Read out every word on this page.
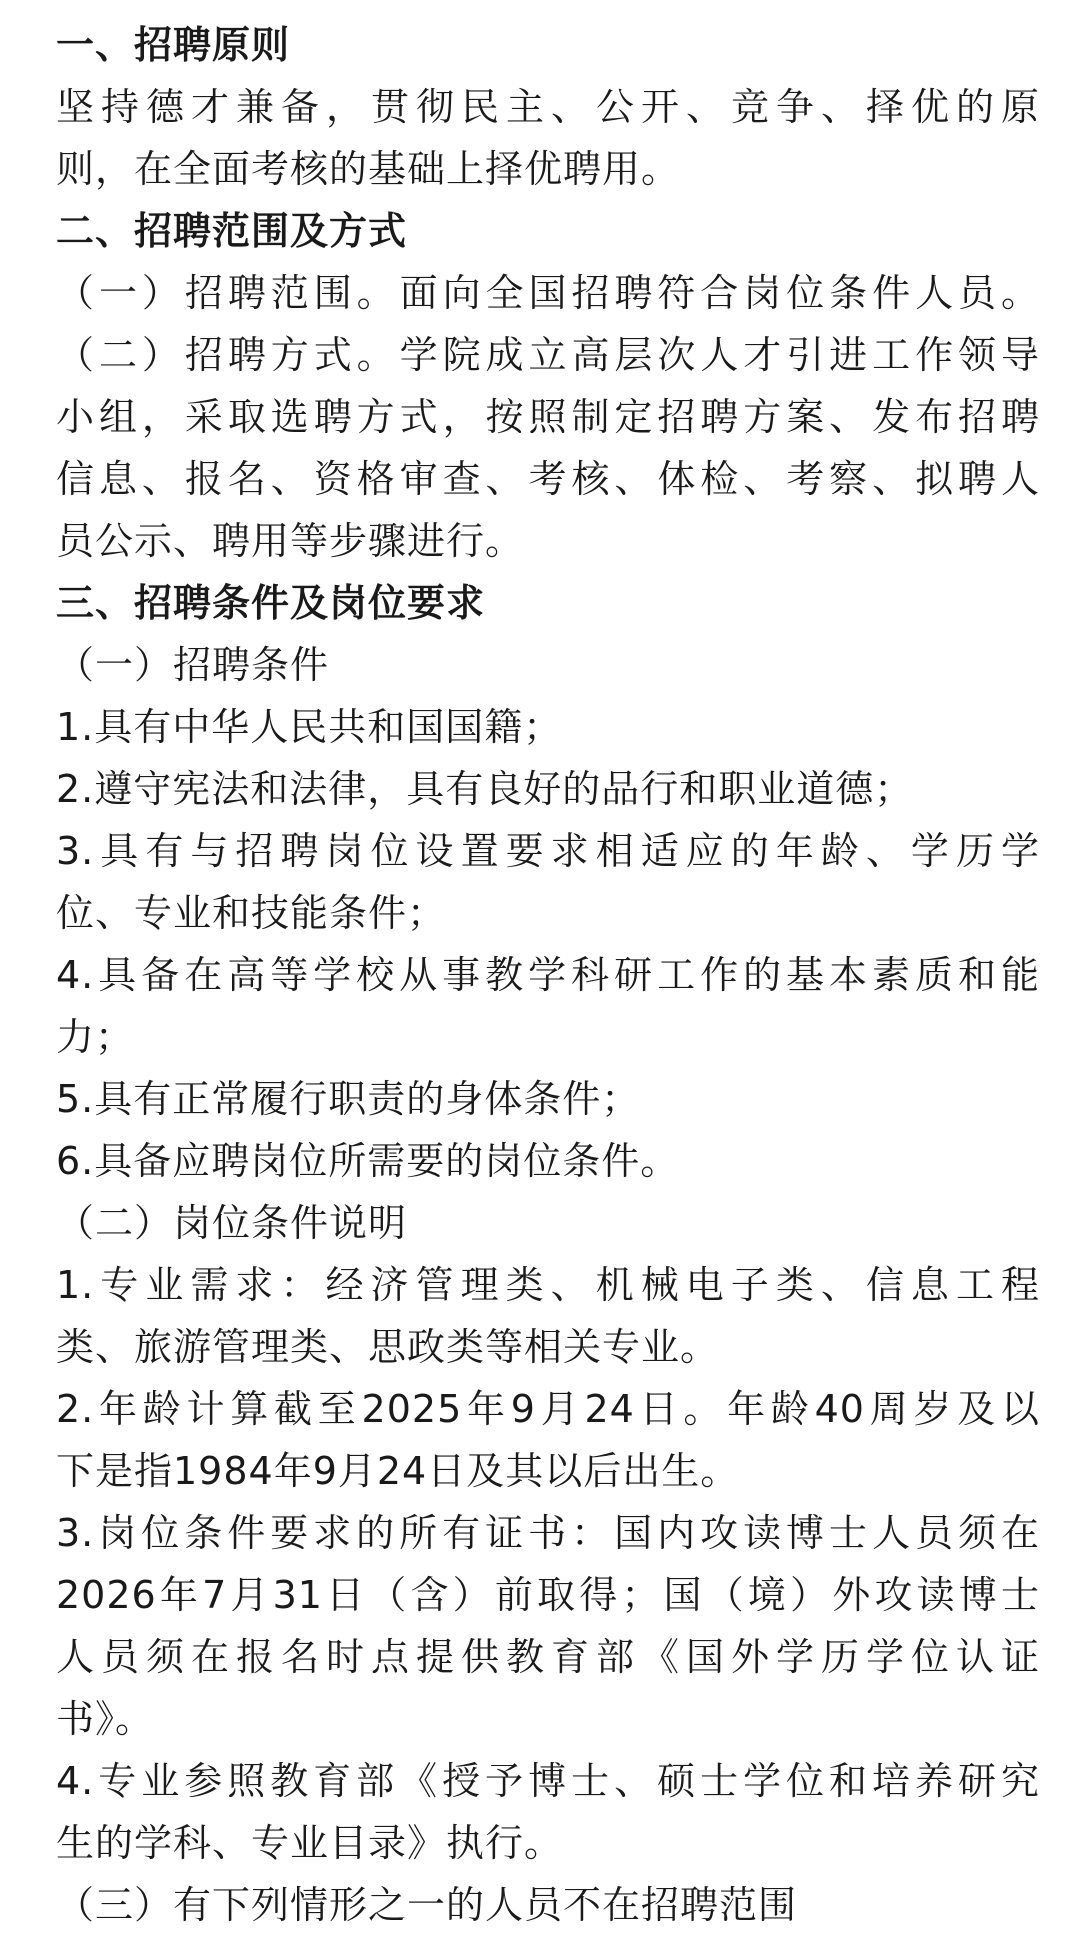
一、招聘原则
坚持德才兼备，贯彻民主、公开、竞争、择优的原
则，在全面考核的基础上择优聘用。
二、招聘范围及方式
（一）招聘范围。面向全国招聘符合岗位条件人员。
（二）招聘方式。学院成立高层次人才引进工作领导
小组，采取选聘方式，按照制定招聘方案、发布招聘
信息、报名、资格审查、考核、体检、考察、拟聘人
员公示、聘用等步骤进行。
三、招聘条件及岗位要求
（一）招聘条件
1.具有中华人民共和国国籍；
2.遵守宪法和法律，具有良好的品行和职业道德；
3.具有与招聘岗位设置要求相适应的年龄、学历学
位、专业和技能条件；
4.具备在高等学校从事教学科研工作的基本素质和能
力；
5.具有正常履行职责的身体条件；
6.具备应聘岗位所需要的岗位条件。
（二）岗位条件说明
1.专业需求：经济管理类、机械电子类、信息工程
类、旅游管理类、思政类等相关专业。
2.年龄计算截至2025年9月24日。年龄40周岁及以
下是指1984年9月24日及其以后出生。
3.岗位条件要求的所有证书：国内攻读博士人员须在
2026年7月31日（含）前取得；国（境）外攻读博士
人员须在报名时点提供教育部《国外学历学位认证
书》。
4.专业参照教育部《授予博士、硕士学位和培养研究
生的学科、专业目录》执行。
（三）有下列情形之一的人员不在招聘范围
